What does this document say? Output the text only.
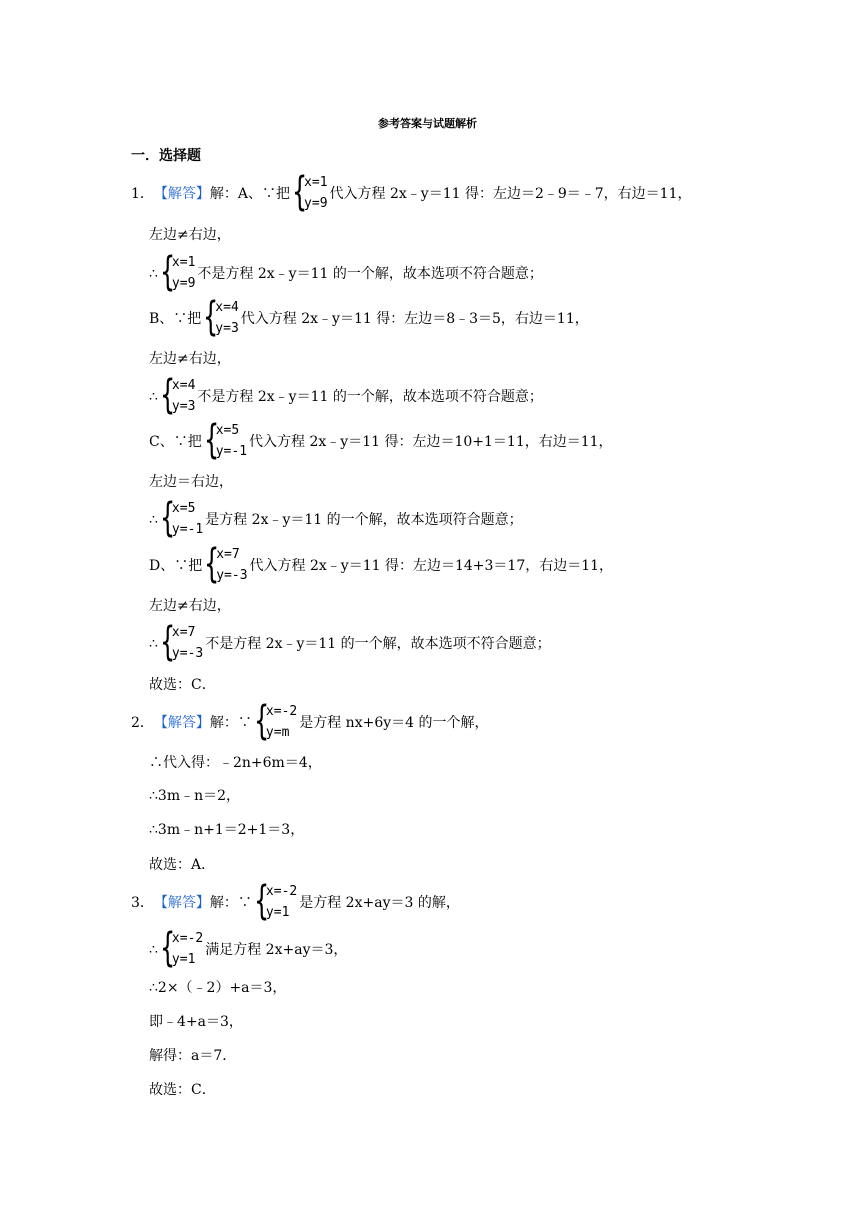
参考答案与试题解析
一．选择题
1． 【解答】 解：A、∵把 {
x=1
y=9
代入方程 2x﹣y＝11 得：左边＝2﹣9＝﹣7，右边＝11，
左边≠右边，
∴ {
x=1
y=9
不是方程 2x﹣y＝11 的一个解，故本选项不符合题意；
B、∵把 {
x=4
y=3
代入方程 2x﹣y＝11 得：左边＝8﹣3＝5，右边＝11，
左边≠右边，
∴ {
x=4
y=3
不是方程 2x﹣y＝11 的一个解，故本选项不符合题意；
C、∵把 {
x=5
y=-1
代入方程 2x﹣y＝11 得：左边＝10+1＝11，右边＝11，
左边＝右边，
∴ {
x=5
y=-1
是方程 2x﹣y＝11 的一个解，故本选项符合题意；
D、∵把 {
x=7
y=-3
代入方程 2x﹣y＝11 得：左边＝14+3＝17，右边＝11，
左边≠右边，
∴ {
x=7
y=-3
不是方程 2x﹣y＝11 的一个解，故本选项不符合题意；
故选：C．
2． 【解答】 解：∵ {
x=-2
y=m
是方程 nx+6y＝4 的一个解，
∴代入得：﹣2n+6m＝4，
∴3m﹣n＝2，
∴3m﹣n+1＝2+1＝3，
故选：A．
3． 【解答】 解：∵ {
x=-2
y=1
是方程 2x+ay＝3 的解，
∴ {
x=-2
y=1
满足方程 2x+ay＝3，
∴2×（﹣2）+a＝3，
即﹣4+a＝3，
解得：a＝7．
故选：C．
